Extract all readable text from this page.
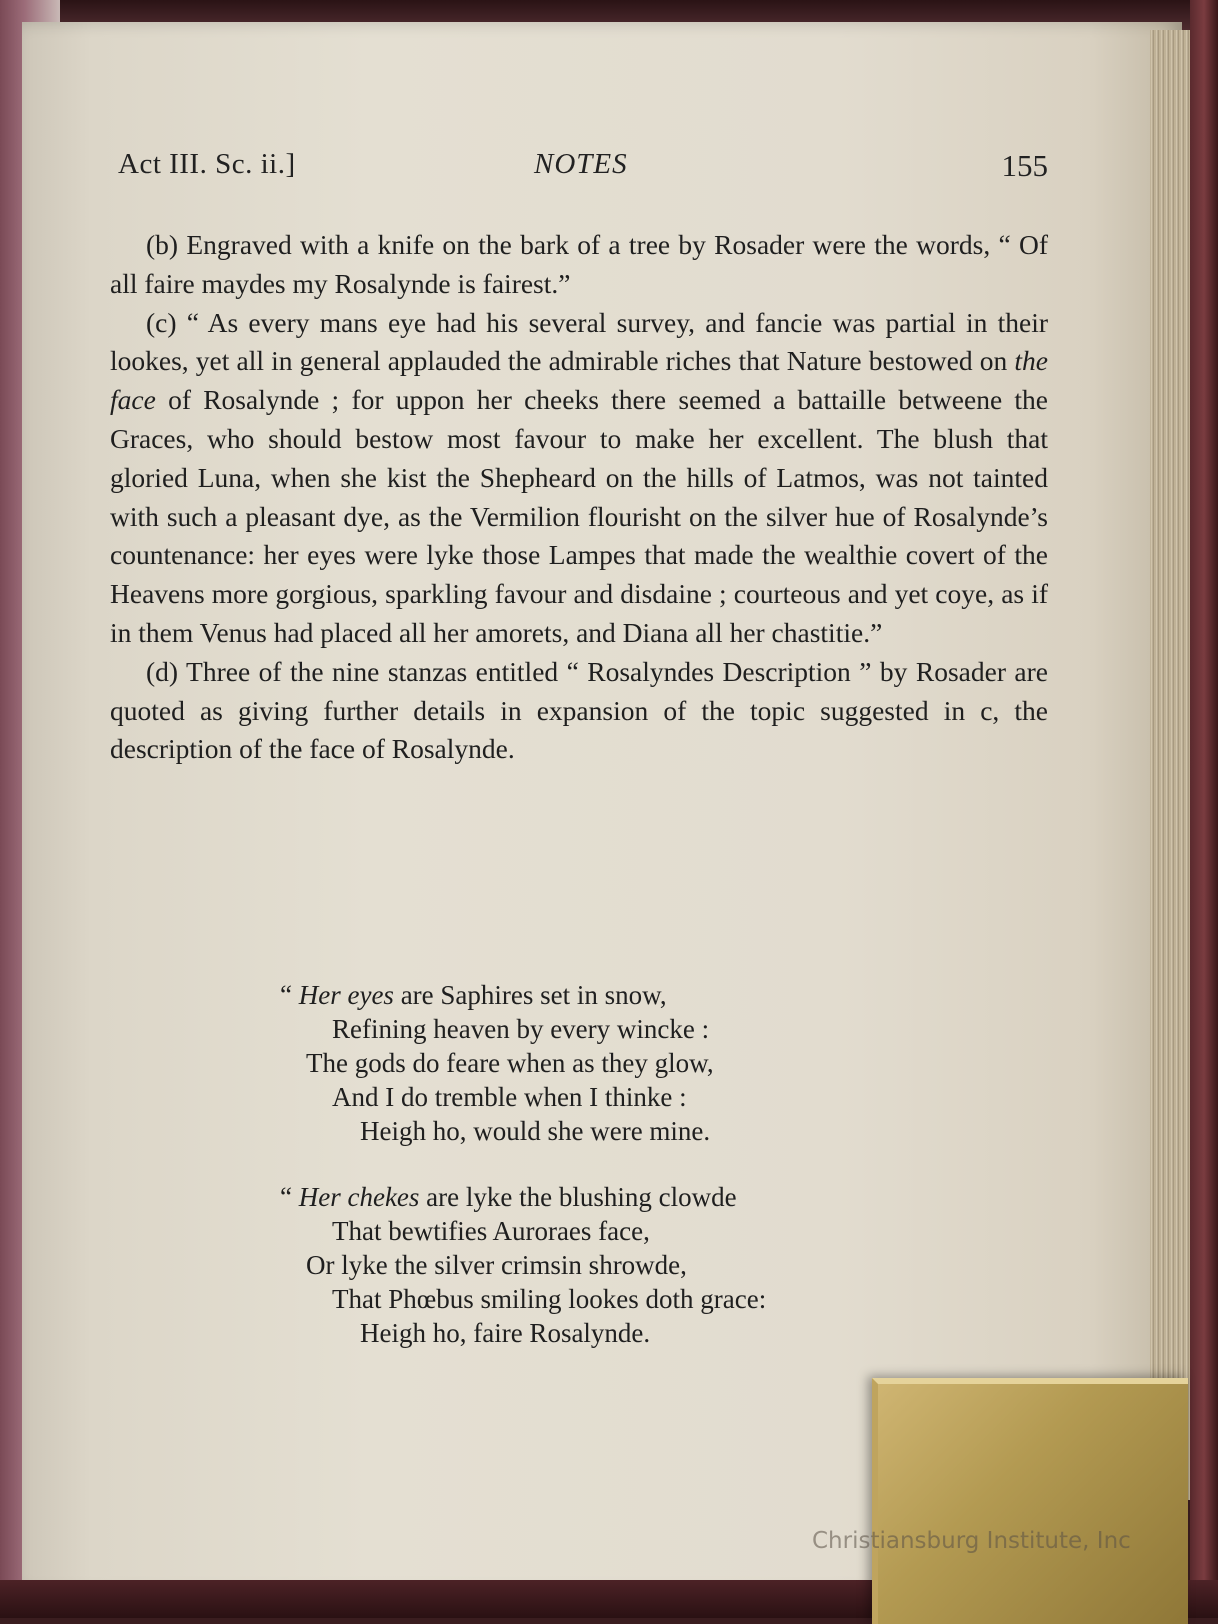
Act III. Sc. ii.]	NOTES	155

(b) Engraved with a knife on the bark of a tree by Rosader were the words, “ Of all faire maydes my Rosalynde is fairest.”

(c) “ As every mans eye had his several survey, and fancie was partial in their lookes, yet all in general applauded the admirable riches that Nature bestowed on the face of Rosalynde ; for uppon her cheeks there seemed a battaille betweene the Graces, who should bestow most favour to make her excellent. The blush that gloried Luna, when she kist the Shepheard on the hills of Latmos, was not tainted with such a pleasant dye, as the Vermilion flourisht on the silver hue of Rosalynde’s countenance: her eyes were lyke those Lampes that made the wealthie covert of the Heavens more gorgious, sparkling favour and disdaine ; courteous and yet coye, as if in them Venus had placed all her amorets, and Diana all her chastitie.”

(d) Three of the nine stanzas entitled “ Rosalyndes Description ” by Rosader are quoted as giving further details in expansion of the topic suggested in c, the description of the face of Rosalynde.

“ Her eyes are Saphires set in snow,
Refining heaven by every wincke :
The gods do feare when as they glow,
And I do tremble when I thinke :
Heigh ho, would she were mine.
“ Her chekes are lyke the blushing clowde
That bewtifies Auroraes face,
Or lyke the silver crimsin shrowde,
That Phœbus smiling lookes doth grace:
Heigh ho, faire Rosalynde.
Christiansburg Institute, Inc
